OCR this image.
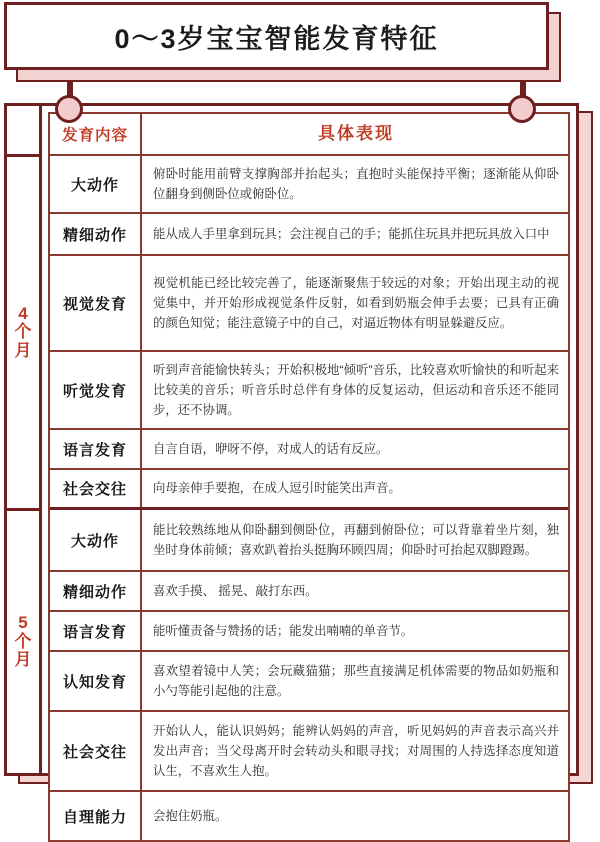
0～3岁宝宝智能发育特征
4
个
月
5
个
月
发育内容	具体表现
大动作
俯卧时能用前臂支撑胸部并抬起头；直抱时头能保持平衡；逐渐能从仰卧位翻身到侧卧位或俯卧位。
精细动作 能从成人手里拿到玩具；会注视自己的手；能抓住玩具并把玩具放入口中
视觉发育
视觉机能已经比较完善了，能逐渐聚焦于较远的对象；开始出现主动的视觉集中，并开始形成视觉条件反射，如看到奶瓶会伸手去要；已具有正确的颜色知觉；能注意镜子中的自己，对逼近物体有明显躲避反应。
听觉发育
听到声音能愉快转头；开始积极地“倾听”音乐，比较喜欢听愉快的和听起来比较美的音乐；听音乐时总伴有身体的反复运动，但运动和音乐还不能同步，还不协调。
语言发育 自言自语，咿呀不停，对成人的话有反应。
社会交往 向母亲伸手要抱，在成人逗引时能笑出声音。
大动作
能比较熟练地从仰卧翻到侧卧位，再翻到俯卧位；可以背靠着坐片刻，独坐时身体前倾；喜欢趴着抬头挺胸环顾四周；仰卧时可抬起双脚蹬踢。
精细动作 喜欢手摸、 摇晃、敲打东西。
语言发育 能听懂责备与赞扬的话；能发出喃喃的单音节。
认知发育
喜欢望着镜中人笑；会玩藏猫猫；那些直接满足机体需要的物品如奶瓶和小勺等能引起他的注意。
社会交往
开始认人，能认识妈妈；能辨认妈妈的声音，听见妈妈的声音表示高兴并发出声音；当父母离开时会转动头和眼寻找；对周围的人持选择态度知道认生，不喜欢生人抱。
自理能力 会抱住奶瓶。
